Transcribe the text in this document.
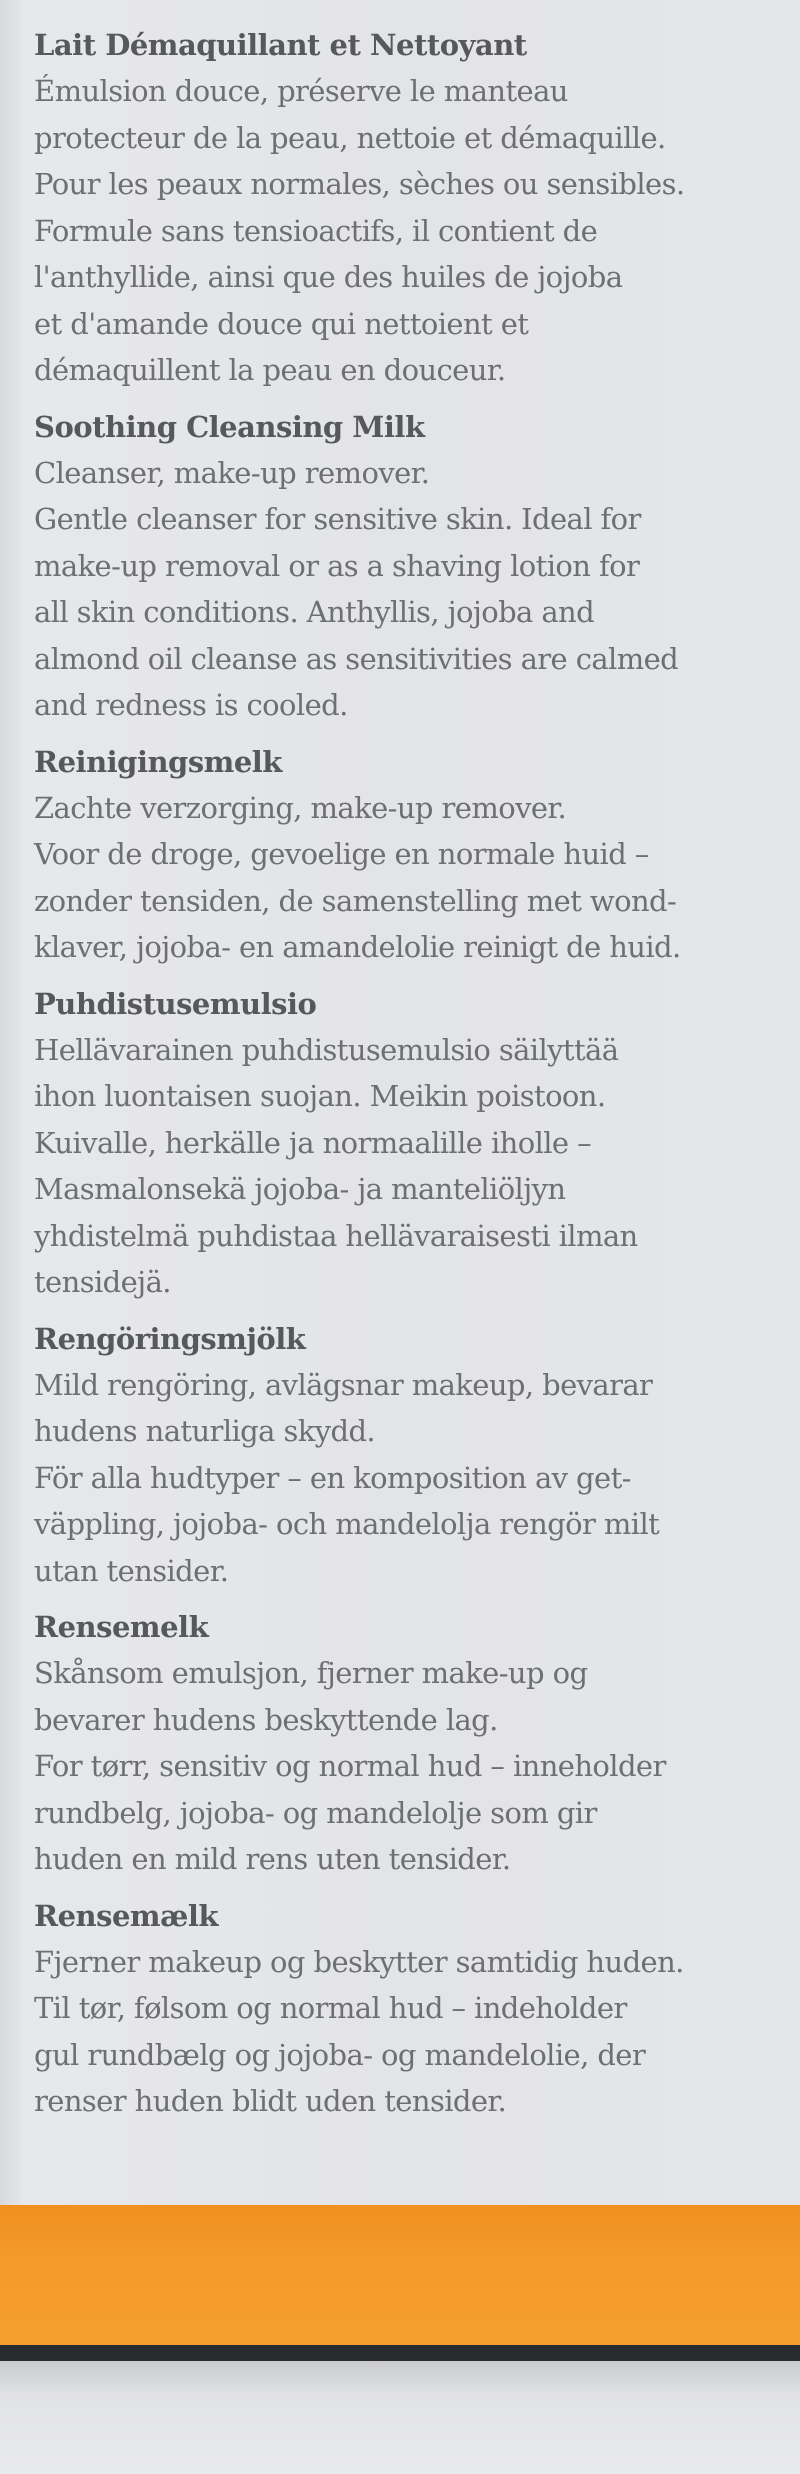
Lait Démaquillant et Nettoyant

Émulsion douce, préserve le manteau

protecteur de la peau, nettoie et démaquille.

Pour les peaux normales, sèches ou sensibles.

Formule sans tensioactifs, il contient de

l'anthyllide, ainsi que des huiles de jojoba

et d'amande douce qui nettoient et

démaquillent la peau en douceur.

Soothing Cleansing Milk

Cleanser, make-up remover.

Gentle cleanser for sensitive skin. Ideal for

make-up removal or as a shaving lotion for

all skin conditions. Anthyllis, jojoba and

almond oil cleanse as sensitivities are calmed

and redness is cooled.

Reinigingsmelk

Zachte verzorging, make-up remover.

Voor de droge, gevoelige en normale huid –

zonder tensiden, de samenstelling met wond-

klaver, jojoba- en amandelolie reinigt de huid.

Puhdistusemulsio

Hellävarainen puhdistusemulsio säilyttää

ihon luontaisen suojan. Meikin poistoon.

Kuivalle, herkälle ja normaalille iholle –

Masmalonsekä jojoba- ja manteliöljyn

yhdistelmä puhdistaa hellävaraisesti ilman

tensidejä.

Rengöringsmjölk

Mild rengöring, avlägsnar makeup, bevarar

hudens naturliga skydd.

För alla hudtyper – en komposition av get-

väppling, jojoba- och mandelolja rengör milt

utan tensider.

Rensemelk

Skånsom emulsjon, fjerner make-up og

bevarer hudens beskyttende lag.

For tørr, sensitiv og normal hud – inneholder

rundbelg, jojoba- og mandelolje som gir

huden en mild rens uten tensider.

Rensemælk

Fjerner makeup og beskytter samtidig huden.

Til tør, følsom og normal hud – indeholder

gul rundbælg og jojoba- og mandelolie, der

renser huden blidt uden tensider.
